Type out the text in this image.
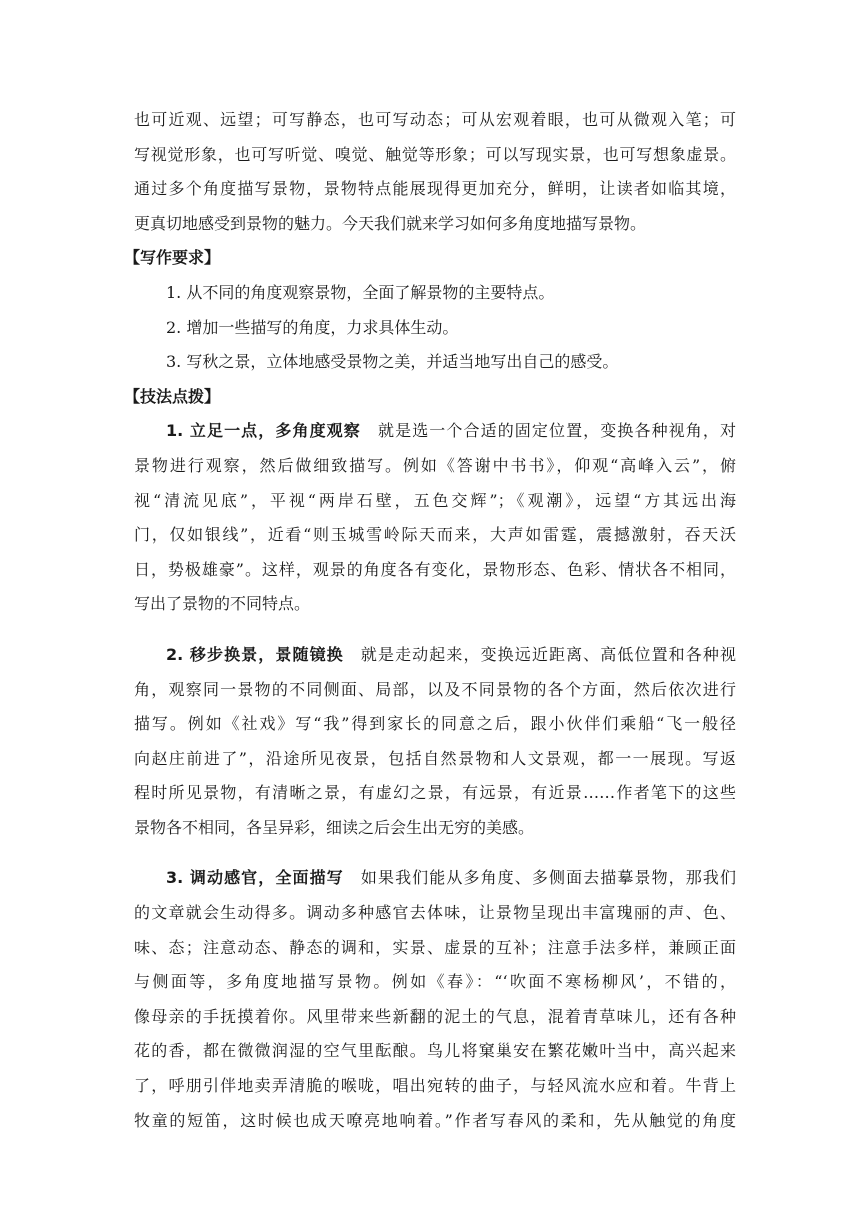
也可近观、远望；可写静态，也可写动态；可从宏观着眼，也可从微观入笔；可
写视觉形象，也可写听觉、嗅觉、触觉等形象；可以写现实景，也可写想象虚景。
通过多个角度描写景物，景物特点能展现得更加充分，鲜明，让读者如临其境，
更真切地感受到景物的魅力。今天我们就来学习如何多角度地描写景物。
【写作要求】
1. 从不同的角度观察景物，全面了解景物的主要特点。
2. 增加一些描写的角度，力求具体生动。
3. 写秋之景，立体地感受景物之美，并适当地写出自己的感受。
【技法点拨】
1. 立足一点，多角度观察 就是选一个合适的固定位置，变换各种视角，对
景物进行观察，然后做细致描写。例如《答谢中书书》，仰观“高峰入云”，俯
视“清流见底”，平视“两岸石壁，五色交辉”；《观潮》，远望“方其远出海
门，仅如银线”，近看“则玉城雪岭际天而来，大声如雷霆，震撼激射，吞天沃
日，势极雄豪”。这样，观景的角度各有变化，景物形态、色彩、情状各不相同，
写出了景物的不同特点。
2. 移步换景，景随镜换 就是走动起来，变换远近距离、高低位置和各种视
角，观察同一景物的不同侧面、局部，以及不同景物的各个方面，然后依次进行
描写。例如《社戏》写“我”得到家长的同意之后，跟小伙伴们乘船“飞一般径
向赵庄前进了”，沿途所见夜景，包括自然景物和人文景观，都一一展现。写返
程时所见景物，有清晰之景，有虚幻之景，有远景，有近景……作者笔下的这些
景物各不相同，各呈异彩，细读之后会生出无穷的美感。
3. 调动感官，全面描写 如果我们能从多角度、多侧面去描摹景物，那我们
的文章就会生动得多。调动多种感官去体味，让景物呈现出丰富瑰丽的声、色、
味、态；注意动态、静态的调和，实景、虚景的互补；注意手法多样，兼顾正面
与侧面等，多角度地描写景物。例如《春》：“‘吹面不寒杨柳风’，不错的，
像母亲的手抚摸着你。风里带来些新翻的泥土的气息，混着青草味儿，还有各种
花的香，都在微微润湿的空气里酝酿。鸟儿将窠巢安在繁花嫩叶当中，高兴起来
了，呼朋引伴地卖弄清脆的喉咙，唱出宛转的曲子，与轻风流水应和着。牛背上
牧童的短笛，这时候也成天嘹亮地响着。”作者写春风的柔和，先从触觉的角度
